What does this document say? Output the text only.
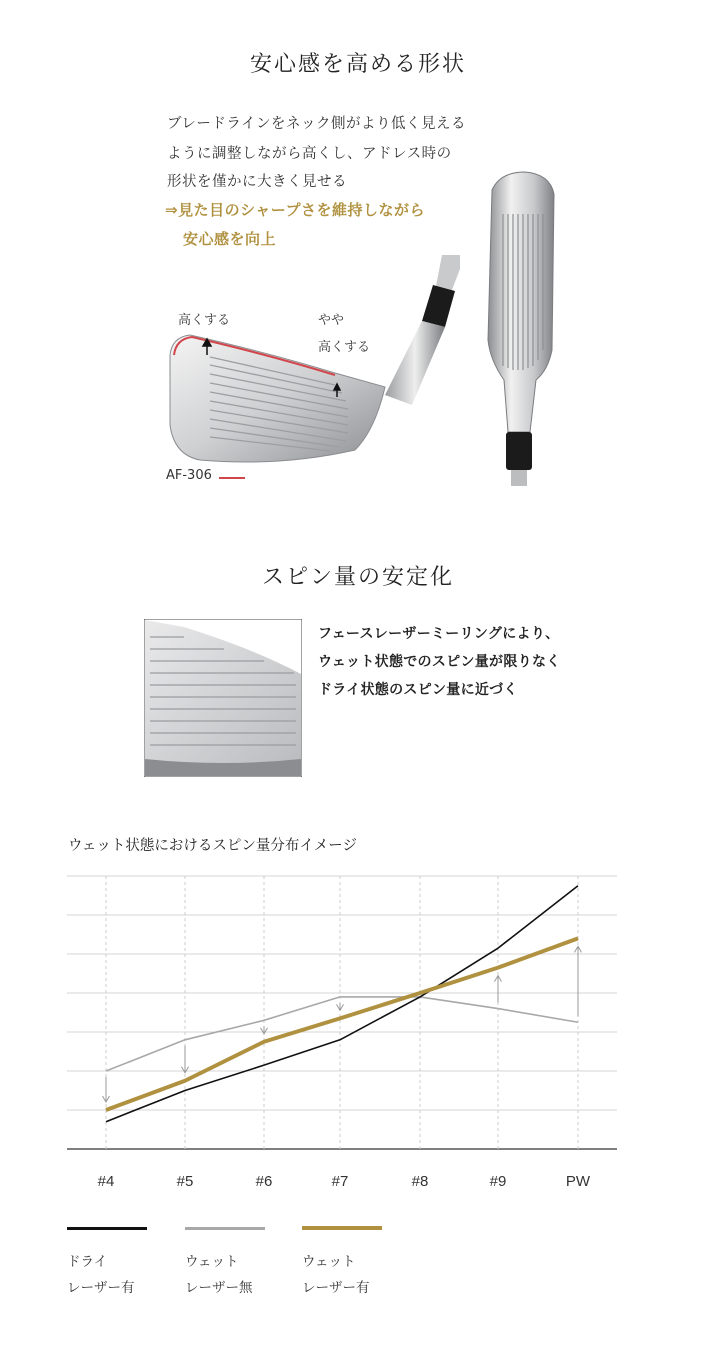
安心感を高める形状
ブレードラインをネック側がより低く見える
ように調整しながら高くし、アドレス時の
形状を僅かに大きく見せる
⇒見た目のシャープさを維持しながら
安心感を向上
高くする	やや
高くする
AF-306
スピン量の安定化
フェースレーザーミーリングにより、
ウェット状態でのスピン量が限りなく
ドライ状態のスピン量に近づく
ウェット状態におけるスピン量分布イメージ
#4	#5	#6	#7	#8	#9	PW
ドライ
レーザー有
ウェット
レーザー無
ウェット
レーザー有
